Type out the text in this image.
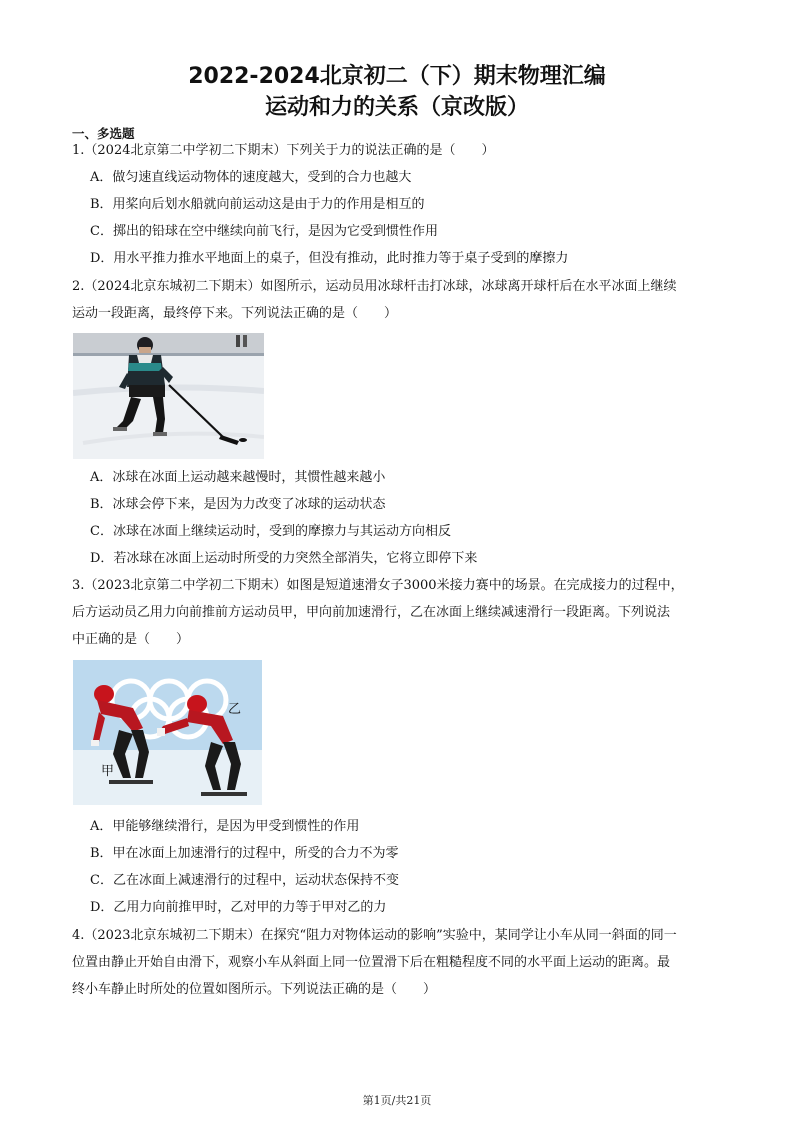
2022-2024北京初二（下）期末物理汇编
运动和力的关系（京改版）
一、多选题
1.（2024北京第二中学初二下期末）下列关于力的说法正确的是（　　）
A．做匀速直线运动物体的速度越大，受到的合力也越大
B．用桨向后划水船就向前运动这是由于力的作用是相互的
C．掷出的铅球在空中继续向前飞行，是因为它受到惯性作用
D．用水平推力推水平地面上的桌子，但没有推动，此时推力等于桌子受到的摩擦力
2.（2024北京东城初二下期末）如图所示，运动员用冰球杆击打冰球，冰球离开球杆后在水平冰面上继续
运动一段距离，最终停下来。下列说法正确的是（　　）
A．冰球在冰面上运动越来越慢时，其惯性越来越小
B．冰球会停下来，是因为力改变了冰球的运动状态
C．冰球在冰面上继续运动时，受到的摩擦力与其运动方向相反
D．若冰球在冰面上运动时所受的力突然全部消失，它将立即停下来
3.（2023北京第二中学初二下期末）如图是短道速滑女子3000米接力赛中的场景。在完成接力的过程中，
后方运动员乙用力向前推前方运动员甲，甲向前加速滑行，乙在冰面上继续减速滑行一段距离。下列说法
中正确的是（　　）
甲
乙
A．甲能够继续滑行，是因为甲受到惯性的作用
B．甲在冰面上加速滑行的过程中，所受的合力不为零
C．乙在冰面上减速滑行的过程中，运动状态保持不变
D．乙用力向前推甲时，乙对甲的力等于甲对乙的力
4.（2023北京东城初二下期末）在探究“阻力对物体运动的影响”实验中，某同学让小车从同一斜面的同一
位置由静止开始自由滑下，观察小车从斜面上同一位置滑下后在粗糙程度不同的水平面上运动的距离。最
终小车静止时所处的位置如图所示。下列说法正确的是（　　）
第1页/共21页
